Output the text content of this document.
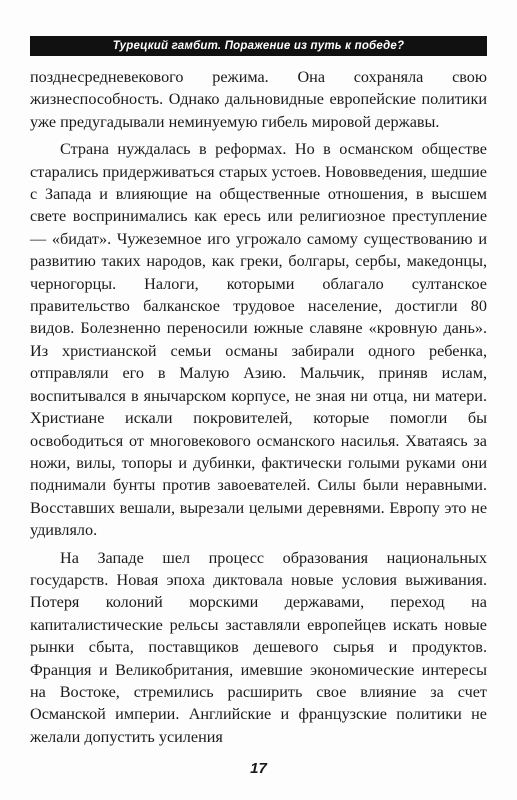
Турецкий гамбит. Поражение из путь к победе?

позднесредневекового режима. Она сохраняла свою жизнеспособность. Однако дальновидные европейские политики уже предугадывали неминуемую гибель мировой державы.

Страна нуждалась в реформах. Но в османском обществе старались придерживаться старых устоев. Нововведения, шедшие с Запада и влияющие на общественные отношения, в высшем свете воспринимались как ересь или религиозное преступление — «бидат». Чужеземное иго угрожало самому существованию и развитию таких народов, как греки, болгары, сербы, македонцы, черногорцы. Налоги, которыми облагало султанское правительство балканское трудовое население, достигли 80 видов. Болезненно переносили южные славяне «кровную дань». Из христианской семьи османы забирали одного ребенка, отправляли его в Малую Азию. Мальчик, приняв ислам, воспитывался в янычарском корпусе, не зная ни отца, ни матери. Христиане искали покровителей, которые помогли бы освободиться от многовекового османского насилья. Хватаясь за ножи, вилы, топоры и дубинки, фактически голыми руками они поднимали бунты против завоевателей. Силы были неравными. Восставших вешали, вырезали целыми деревнями. Европу это не удивляло.

На Западе шел процесс образования национальных государств. Новая эпоха диктовала новые условия выживания. Потеря колоний морскими державами, переход на капиталистические рельсы заставляли европейцев искать новые рынки сбыта, поставщиков дешевого сырья и продуктов. Франция и Великобритания, имевшие экономические интересы на Востоке, стремились расширить свое влияние за счет Османской империи. Английские и французские политики не желали допустить усиления

17
